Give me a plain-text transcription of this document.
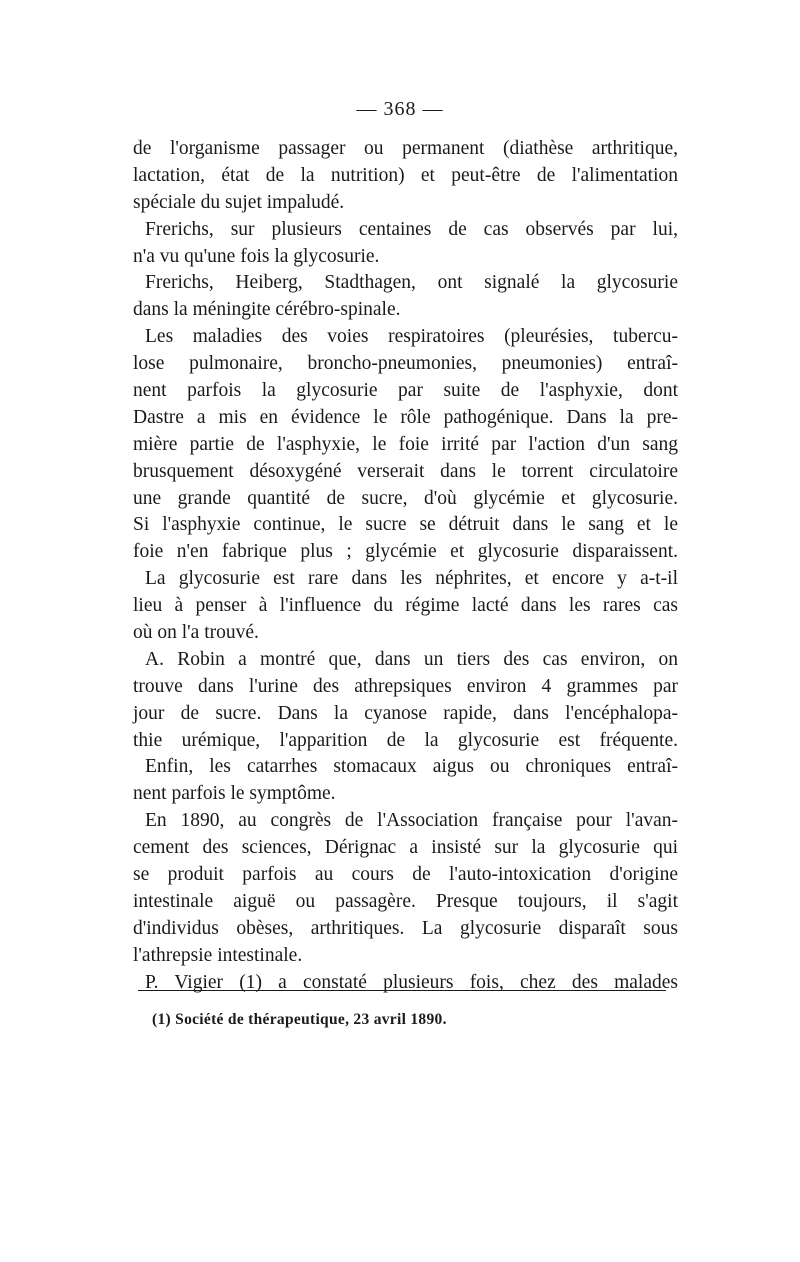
— 368 —
de l'organisme passager ou permanent (diathèse arthritique,
lactation, état de la nutrition) et peut-être de l'alimentation
spéciale du sujet impaludé.
Frerichs, sur plusieurs centaines de cas observés par lui,
n'a vu qu'une fois la glycosurie.
Frerichs, Heiberg, Stadthagen, ont signalé la glycosurie
dans la méningite cérébro-spinale.
Les maladies des voies respiratoires (pleurésies, tubercu-
lose pulmonaire, broncho-pneumonies, pneumonies) entraî-
nent parfois la glycosurie par suite de l'asphyxie, dont
Dastre a mis en évidence le rôle pathogénique. Dans la pre-
mière partie de l'asphyxie, le foie irrité par l'action d'un sang
brusquement désoxygéné verserait dans le torrent circulatoire
une grande quantité de sucre, d'où glycémie et glycosurie.
Si l'asphyxie continue, le sucre se détruit dans le sang et le
foie n'en fabrique plus ; glycémie et glycosurie disparaissent.
La glycosurie est rare dans les néphrites, et encore y a-t-il
lieu à penser à l'influence du régime lacté dans les rares cas
où on l'a trouvé.
A. Robin a montré que, dans un tiers des cas environ, on
trouve dans l'urine des athrepsiques environ 4 grammes par
jour de sucre. Dans la cyanose rapide, dans l'encéphalopa-
thie urémique, l'apparition de la glycosurie est fréquente.
Enfin, les catarrhes stomacaux aigus ou chroniques entraî-
nent parfois le symptôme.
En 1890, au congrès de l'Association française pour l'avan-
cement des sciences, Dérignac a insisté sur la glycosurie qui
se produit parfois au cours de l'auto-intoxication d'origine
intestinale aiguë ou passagère. Presque toujours, il s'agit
d'individus obèses, arthritiques. La glycosurie disparaît sous
l'athrepsie intestinale.
P. Vigier (1) a constaté plusieurs fois, chez des malades
(1) Société de thérapeutique, 23 avril 1890.
